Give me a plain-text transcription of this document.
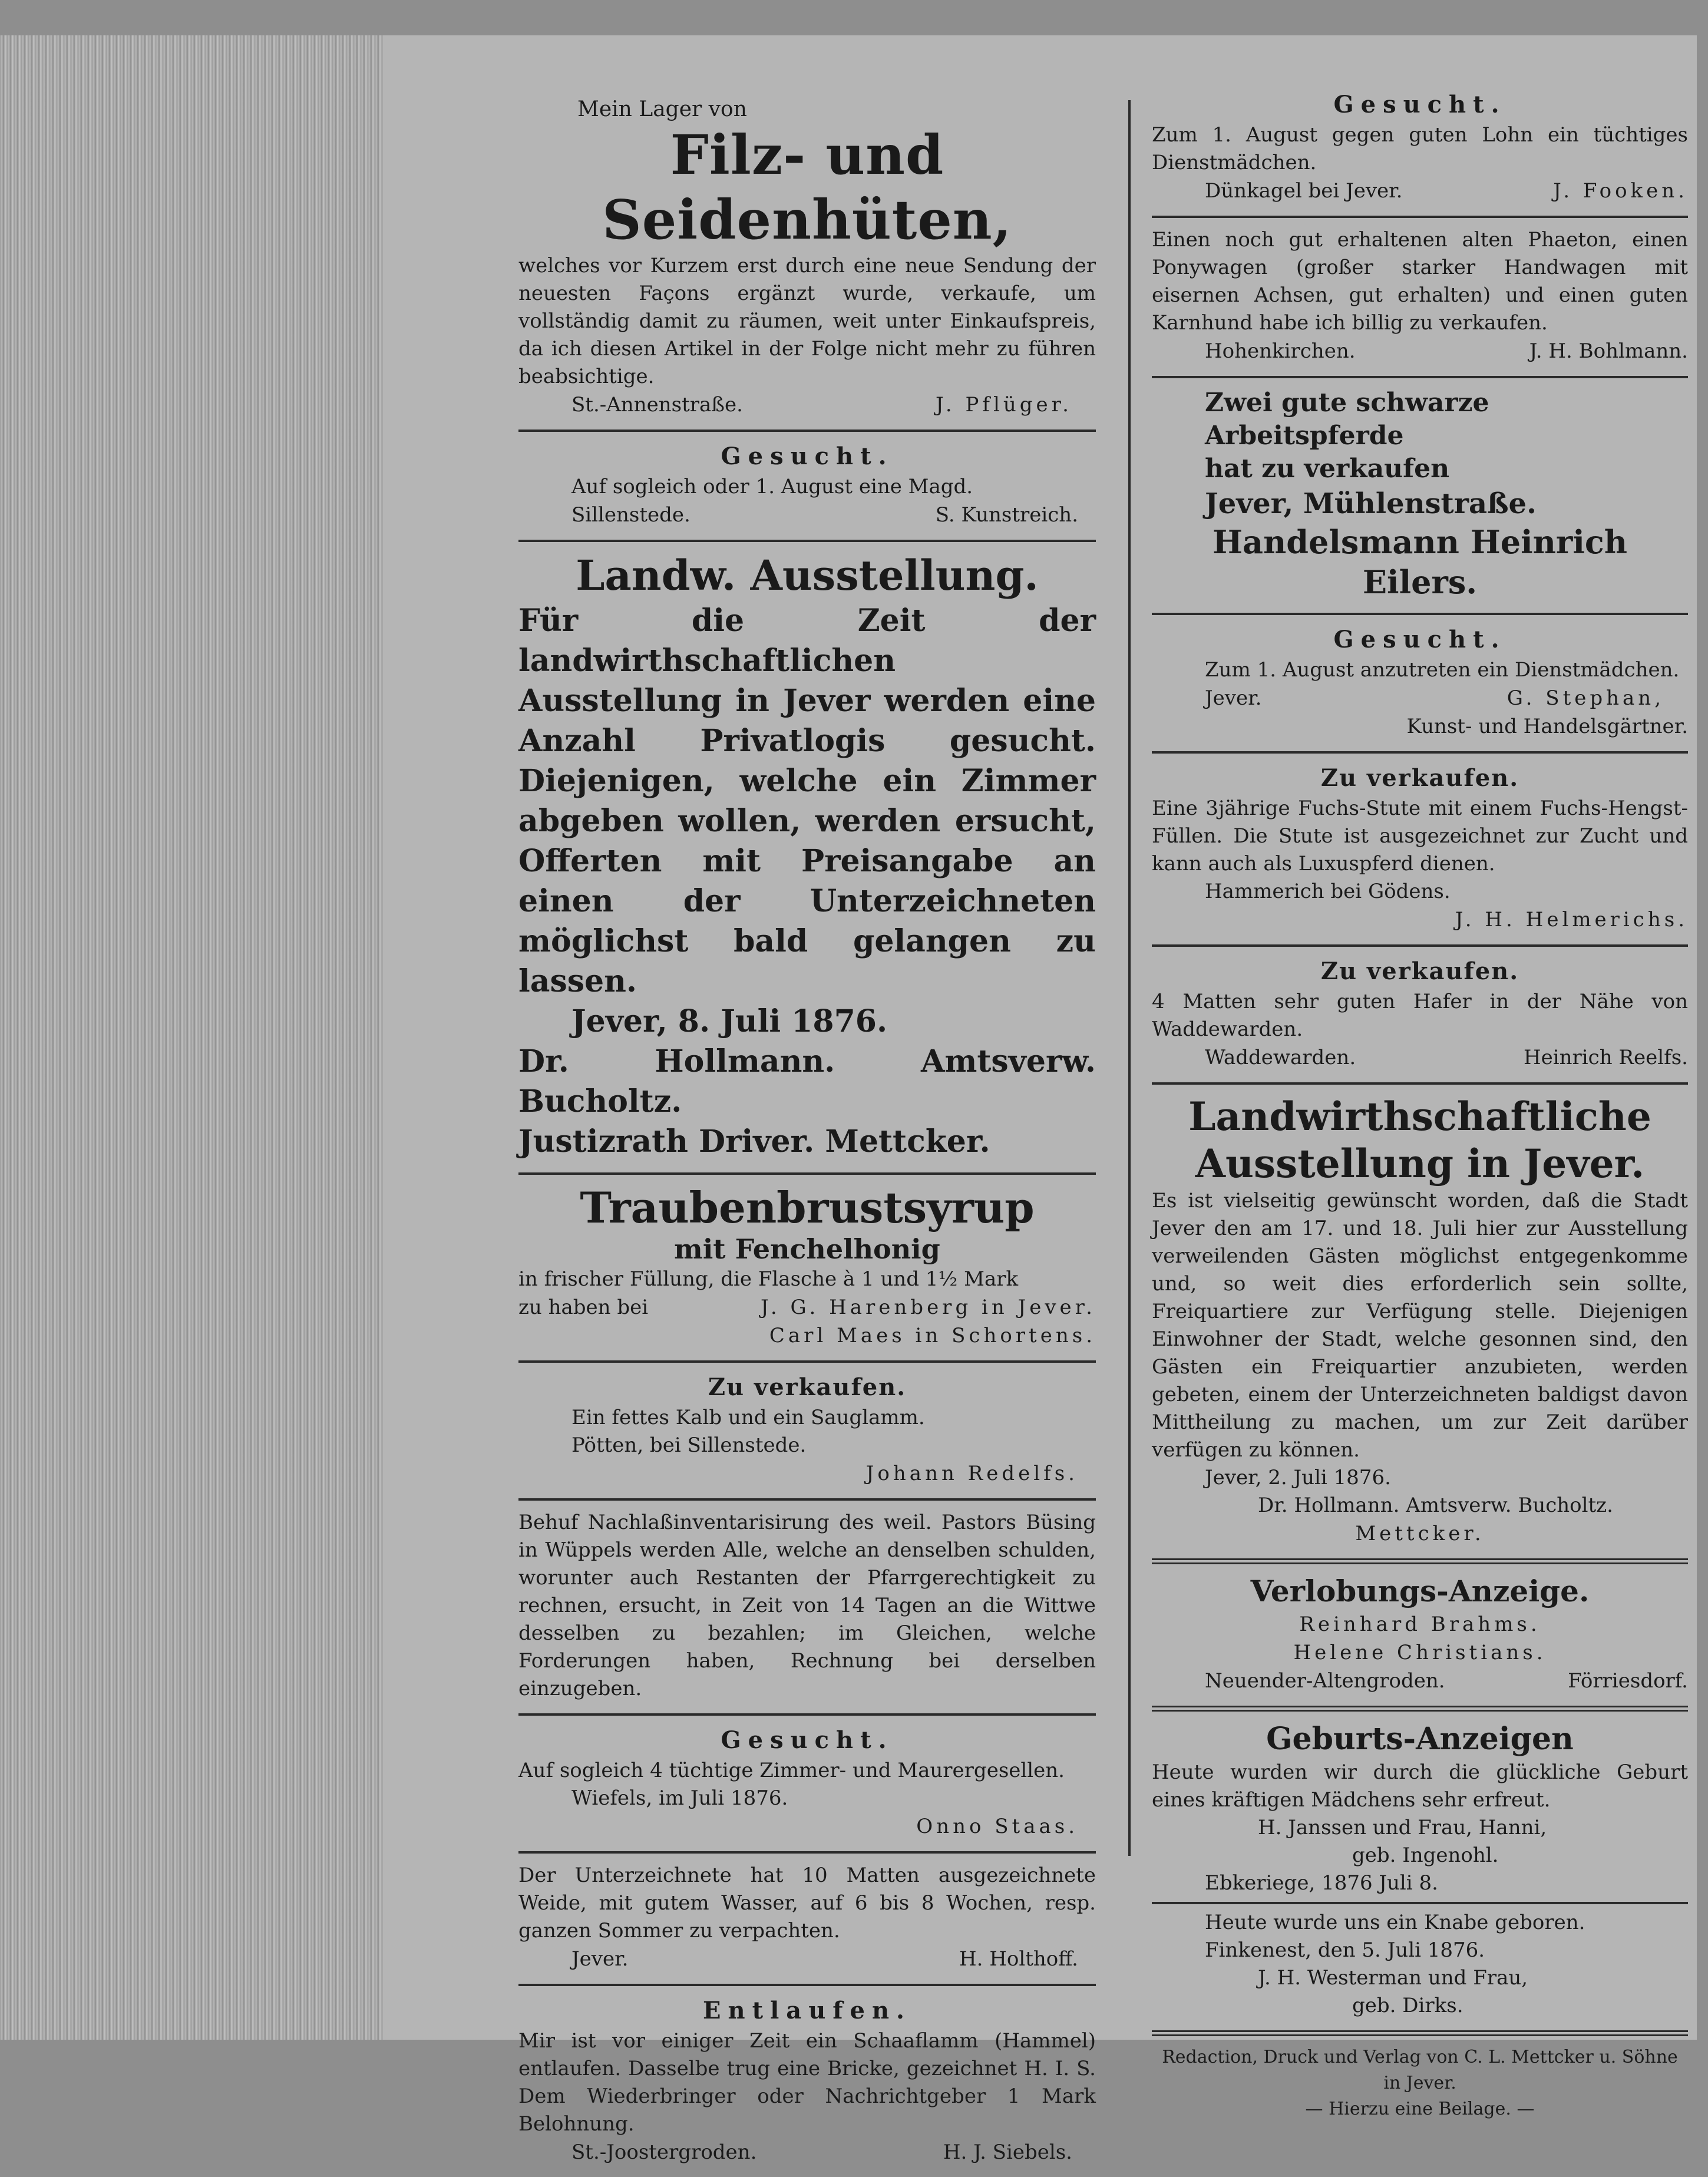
Mein Lager von
Filz- und Seidenhüten,
welches vor Kurzem erst durch eine neue Sendung der neuesten Façons ergänzt wurde, verkaufe, um vollständig damit zu räumen, weit unter Einkaufspreis, da ich diesen Artikel in der Folge nicht mehr zu führen beabsichtige.
St.-Annenstraße.	J. Pflüger.
Gesucht.
Auf sogleich oder 1. August eine Magd.
Sillenstede.	S. Kunstreich.
Landw. Ausstellung.
Für die Zeit der landwirthschaftlichen Ausstellung in Jever werden eine Anzahl Privatlogis gesucht. Diejenigen, welche ein Zimmer abgeben wollen, werden ersucht, Offerten mit Preisangabe an einen der Unterzeichneten möglichst bald gelangen zu lassen.
Jever, 8. Juli 1876.
Dr. Hollmann. Amtsverw. Bucholtz.
Justizrath Driver. Mettcker.
Traubenbrustsyrup
mit Fenchelhonig
in frischer Füllung, die Flasche à 1 und 1½ Mark
zu haben bei	J. G. Harenberg in Jever.
Carl Maes in Schortens.
Zu verkaufen.
Ein fettes Kalb und ein Sauglamm.
Pötten, bei Sillenstede.
Johann Redelfs.
Behuf Nachlaßinventarisirung des weil. Pastors Büsing in Wüppels werden Alle, welche an denselben schulden, worunter auch Restanten der Pfarrgerechtigkeit zu rechnen, ersucht, in Zeit von 14 Tagen an die Wittwe desselben zu bezahlen; im Gleichen, welche Forderungen haben, Rechnung bei derselben einzugeben.
Gesucht.
Auf sogleich 4 tüchtige Zimmer- und Maurergesellen.
Wiefels, im Juli 1876.
Onno Staas.
Der Unterzeichnete hat 10 Matten ausgezeichnete Weide, mit gutem Wasser, auf 6 bis 8 Wochen, resp. ganzen Sommer zu verpachten.
Jever.	H. Holthoff.
Entlaufen.
Mir ist vor einiger Zeit ein Schaaflamm (Hammel) entlaufen. Dasselbe trug eine Bricke, gezeichnet H. I. S. Dem Wiederbringer oder Nachrichtgeber 1 Mark Belohnung.
St.-Joostergroden.	H. J. Siebels.
Gesucht.
Zum 1. August gegen guten Lohn ein tüchtiges Dienstmädchen.
Dünkagel bei Jever.	J. Fooken.
Einen noch gut erhaltenen alten Phaeton, einen Ponywagen (großer starker Handwagen mit eisernen Achsen, gut erhalten) und einen guten Karnhund habe ich billig zu verkaufen.
Hohenkirchen.	J. H. Bohlmann.
Zwei gute schwarze Arbeitspferde
hat zu verkaufen
Jever, Mühlenstraße.
Handelsmann Heinrich Eilers.
Gesucht.
Zum 1. August anzutreten ein Dienstmädchen.
Jever.	G. Stephan,
Kunst- und Handelsgärtner.
Zu verkaufen.
Eine 3jährige Fuchs-Stute mit einem Fuchs-Hengst-Füllen. Die Stute ist ausgezeichnet zur Zucht und kann auch als Luxuspferd dienen.
Hammerich bei Gödens.
J. H. Helmerichs.
Zu verkaufen.
4 Matten sehr guten Hafer in der Nähe von Waddewarden.
Waddewarden.	Heinrich Reelfs.
Landwirthschaftliche Ausstellung in Jever.
Es ist vielseitig gewünscht worden, daß die Stadt Jever den am 17. und 18. Juli hier zur Ausstellung verweilenden Gästen möglichst entgegenkomme und, so weit dies erforderlich sein sollte, Freiquartiere zur Verfügung stelle. Diejenigen Einwohner der Stadt, welche gesonnen sind, den Gästen ein Freiquartier anzubieten, werden gebeten, einem der Unterzeichneten baldigst davon Mittheilung zu machen, um zur Zeit darüber verfügen zu können.
Jever, 2. Juli 1876.
Dr. Hollmann. Amtsverw. Bucholtz.
Mettcker.
Verlobungs-Anzeige.
Reinhard Brahms.
Helene Christians.
Neuender-Altengroden.	Förriesdorf.
Geburts-Anzeigen
Heute wurden wir durch die glückliche Geburt eines kräftigen Mädchens sehr erfreut.
H. Janssen und Frau, Hanni,
geb. Ingenohl.
Ebkeriege, 1876 Juli 8.
Heute wurde uns ein Knabe geboren.
Finkenest, den 5. Juli 1876.
J. H. Westerman und Frau,
geb. Dirks.
Redaction, Druck und Verlag von C. L. Mettcker u. Söhne in Jever.
— Hierzu eine Beilage. —
